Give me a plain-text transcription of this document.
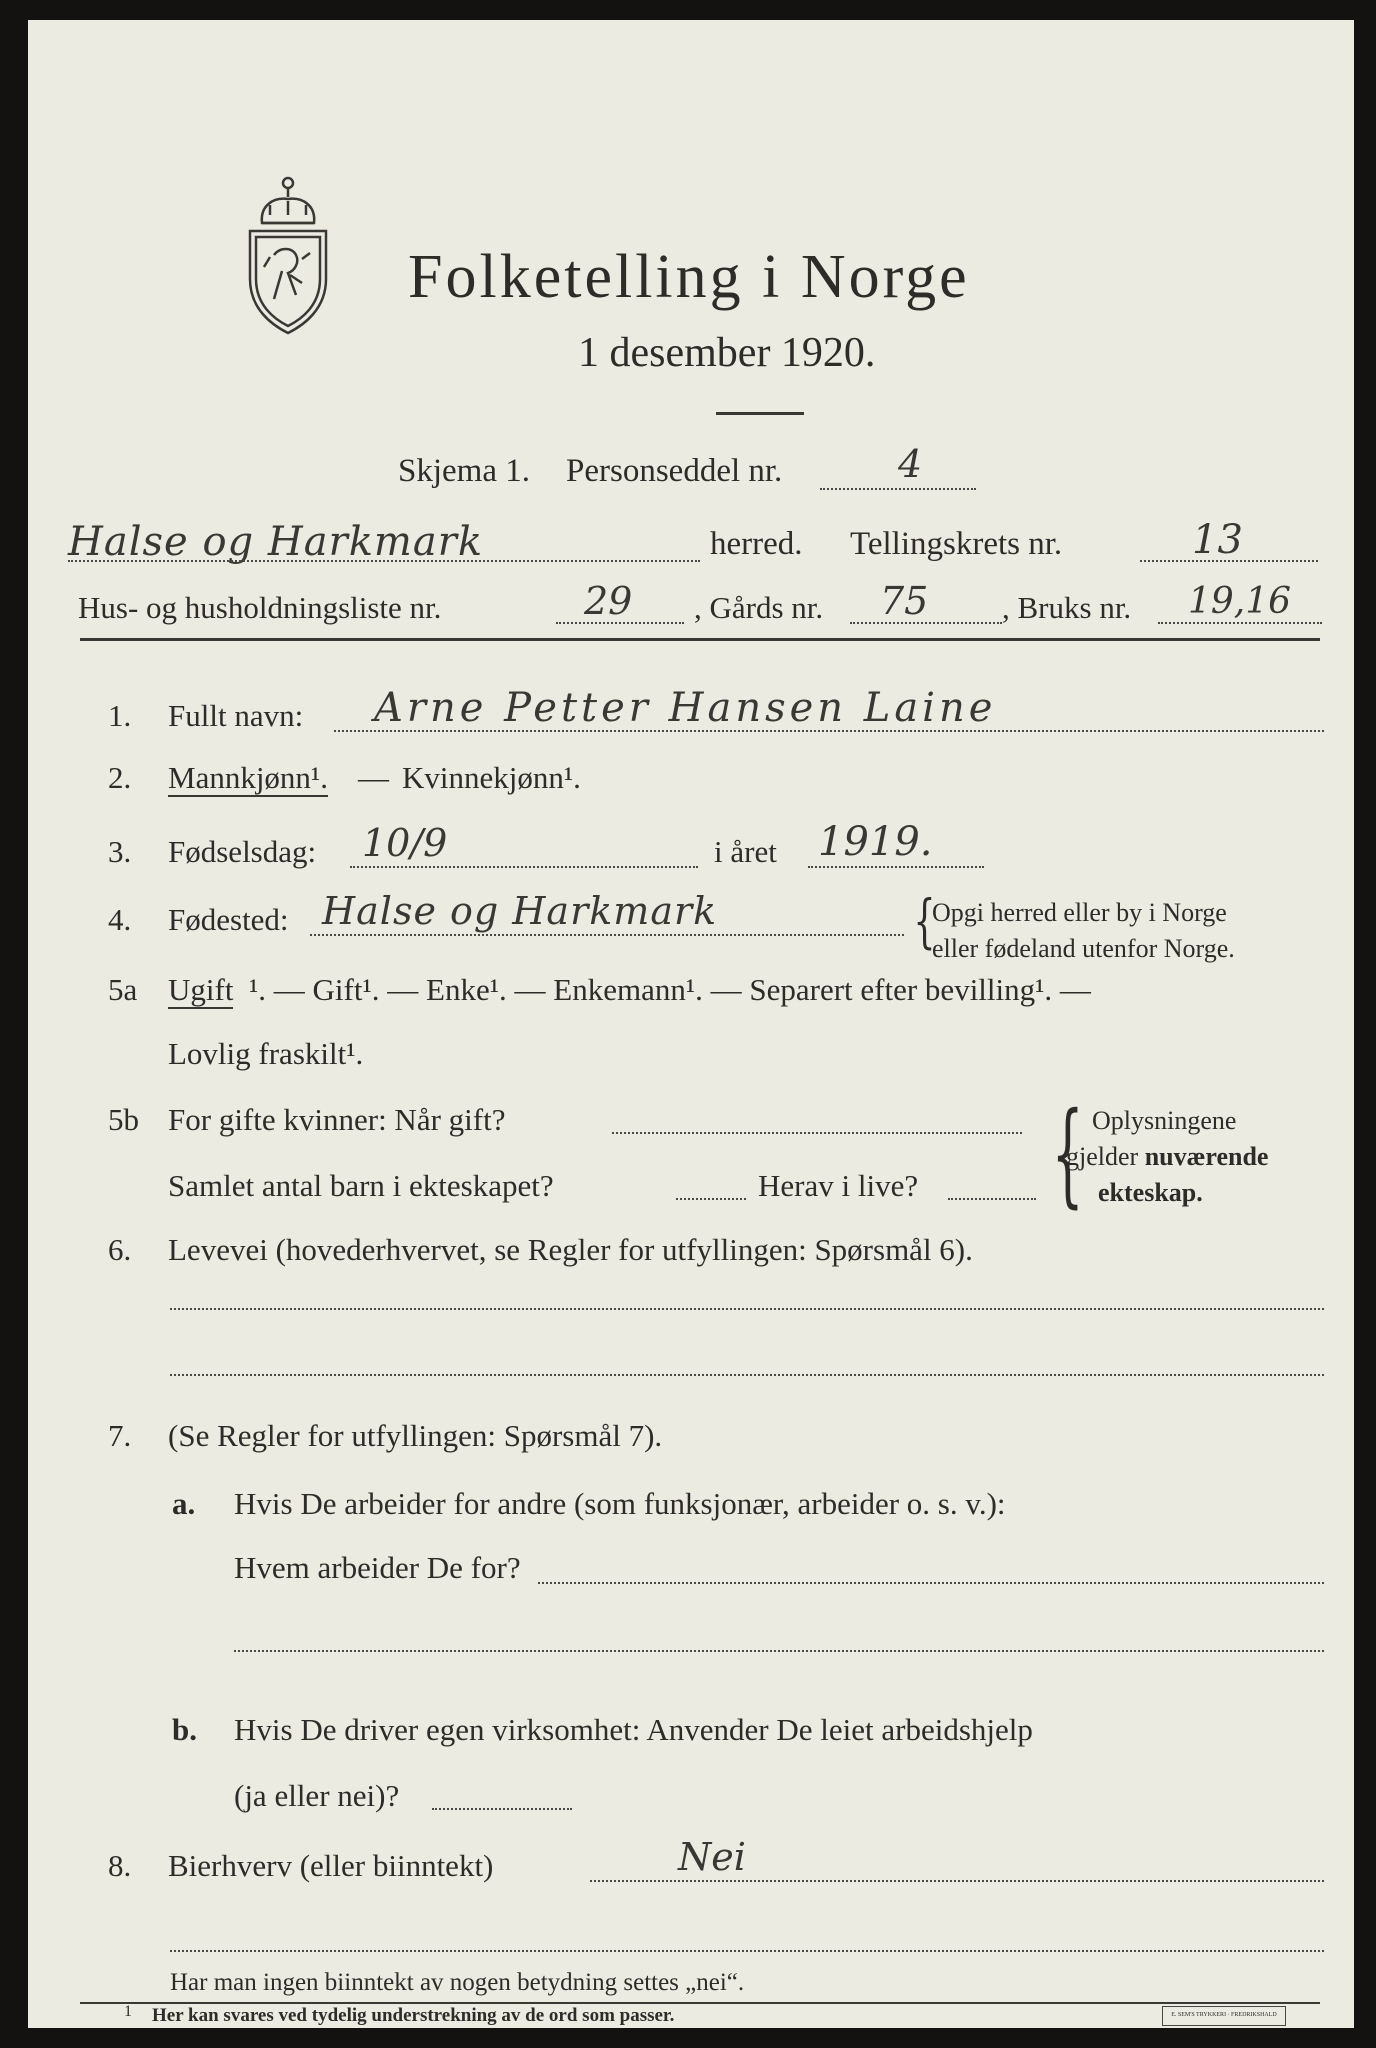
Folketelling i Norge
1 desember 1920.
Skjema 1. Personseddel nr.	4
Halse og Harkmark	herred. Tellingskrets nr.	13
Hus- og husholdningsliste nr.	29 , Gårds nr. 75 , Bruks nr. 19,16
1. Fullt navn: Arne Petter Hansen Laine
2. Mannkjønn¹. — Kvinnekjønn¹.
3. Fødselsdag: 10/9	i året 1919.
4. Fødested: Halse og Harkmark	{
Opgi herred eller by i Norge
eller fødeland utenfor Norge.
5a Ugift ¹. — Gift¹. — Enke¹. — Enkemann¹. — Separert efter bevilling¹. —
Lovlig fraskilt¹.
5b For gifte kvinner: Når gift?
Samlet antal barn i ekteskapet?	Herav i live? { Oplysningene
gjelder nuværende
ekteskap.
6. Levevei (hovederhvervet, se Regler for utfyllingen: Spørsmål 6).
7. (Se Regler for utfyllingen: Spørsmål 7).
a. Hvis De arbeider for andre (som funksjonær, arbeider o. s. v.):
Hvem arbeider De for?
b. Hvis De driver egen virksomhet: Anvender De leiet arbeidshjelp
(ja eller nei)?
8. Bierhverv (eller biinntekt)	Nei
Har man ingen biinntekt av nogen betydning settes „nei“.
1 Her kan svares ved tydelig understrekning av de ord som passer.	E. SEM'S TRYKKERI · FREDRIKSHALD
